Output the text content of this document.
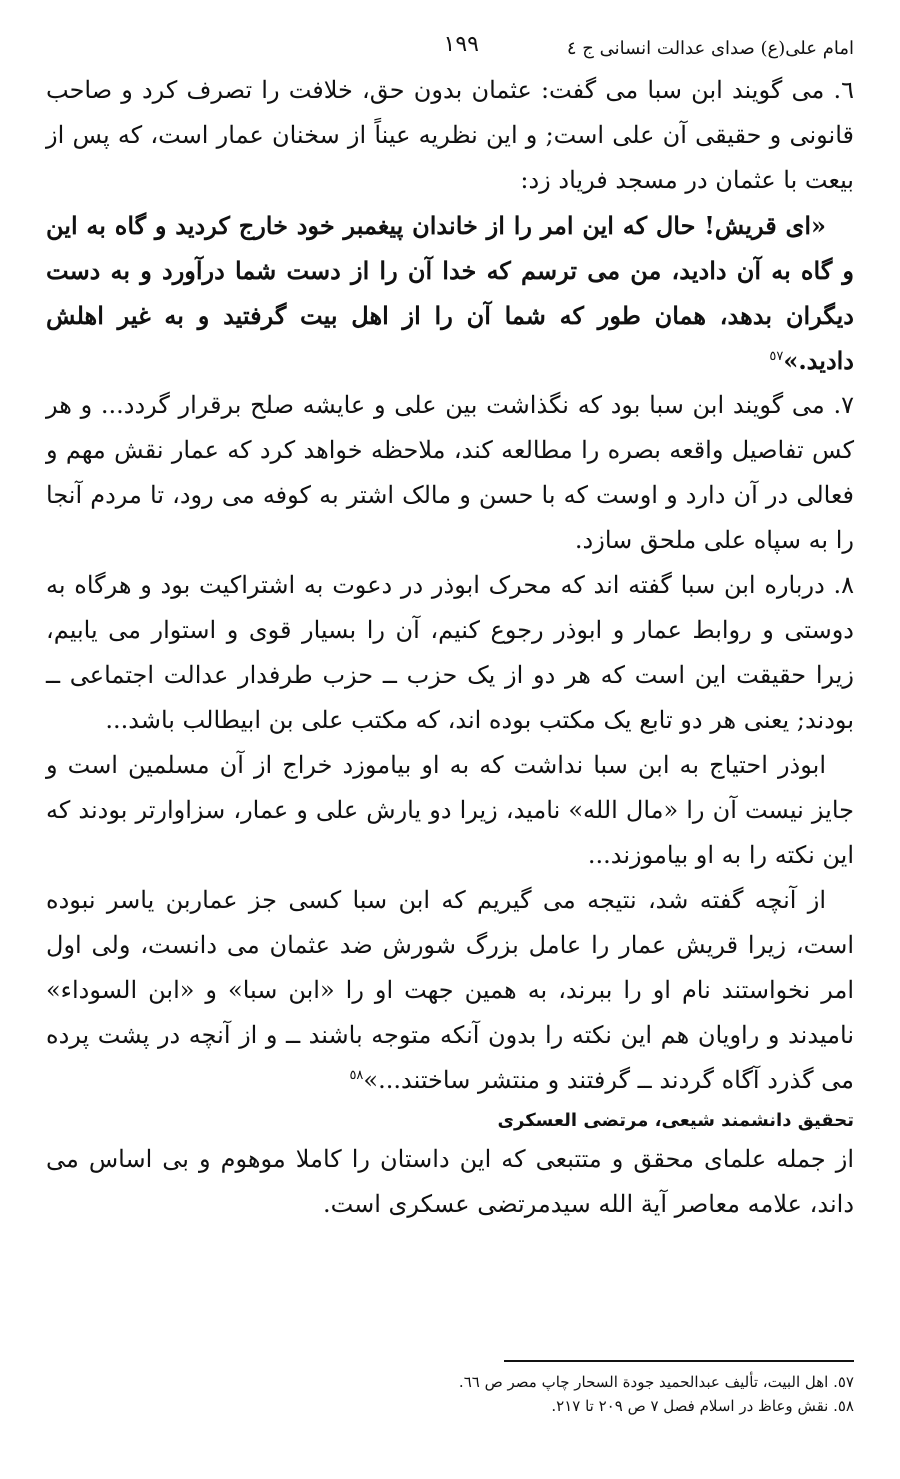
امام علی(ع) صدای عدالت انسانی ج ٤
١٩٩

٦. می گویند ابن سبا می گفت: عثمان بدون حق، خلافت را تصرف کرد و صاحب قانونی و حقیقی آن علی است; و این نظریه عیناً از سخنان عمار است، که پس از بیعت با عثمان در مسجد فریاد زد:

«ای قریش! حال که این امر را از خاندان پیغمبر خود خارج کردید و گاه به این و گاه به آن دادید، من می ترسم که خدا آن را از دست شما درآورد و به دست دیگران بدهد، همان طور که شما آن را از اهل بیت گرفتید و به غیر اهلش دادید.»$^{٥٧}$

٧. می گویند ابن سبا بود که نگذاشت بین علی و عایشه صلح برقرار گردد... و هر کس تفاصیل واقعه بصره را مطالعه کند، ملاحظه خواهد کرد که عمار نقش مهم و فعالی در آن دارد و اوست که با حسن و مالک اشتر به کوفه می رود، تا مردم آنجا را به سپاه علی ملحق سازد.

٨. درباره ابن سبا گفته اند که محرک ابوذر در دعوت به اشتراکیت بود و هرگاه به دوستی و روابط عمار و ابوذر رجوع کنیم، آن را بسیار قوی و استوار می یابیم، زیرا حقیقت این است که هر دو از یک حزب ــ حزب طرفدار عدالت اجتماعی ــ بودند; یعنی هر دو تابع یک مکتب بوده اند، که مکتب علی بن ابیطالب باشد...

ابوذر احتیاج به ابن سبا نداشت که به او بیاموزد خراج از آن مسلمین است و جایز نیست آن را «مال الله» نامید، زیرا دو یارش علی و عمار، سزاوارتر بودند که این نکته را به او بیاموزند...

از آنچه گفته شد، نتیجه می گیریم که ابن سبا کسی جز عماربن یاسر نبوده است، زیرا قریش عمار را عامل بزرگ شورش ضد عثمان می دانست، ولی اول امر نخواستند نام او را ببرند، به همین جهت او را «ابن سبا» و «ابن السوداء» نامیدند و راویان هم این نکته را بدون آنکه متوجه باشند ــ و از آنچه در پشت پرده می گذرد آگاه گردند ــ گرفتند و منتشر ساختند...»$^{٥٨}$

تحقیق دانشمند شیعی، مرتضی العسکری

از جمله علمای محقق و متتبعی که این داستان را کاملا موهوم و بی اساس می داند، علامه معاصر آیة الله سیدمرتضی عسکری است.

٥٧. اهل البیت، تألیف عبدالحمید جودة السحار چاپ مصر ص ٦٦.
٥٨. نقش وعاظ در اسلام فصل ٧ ص ٢٠٩ تا ٢١٧.
